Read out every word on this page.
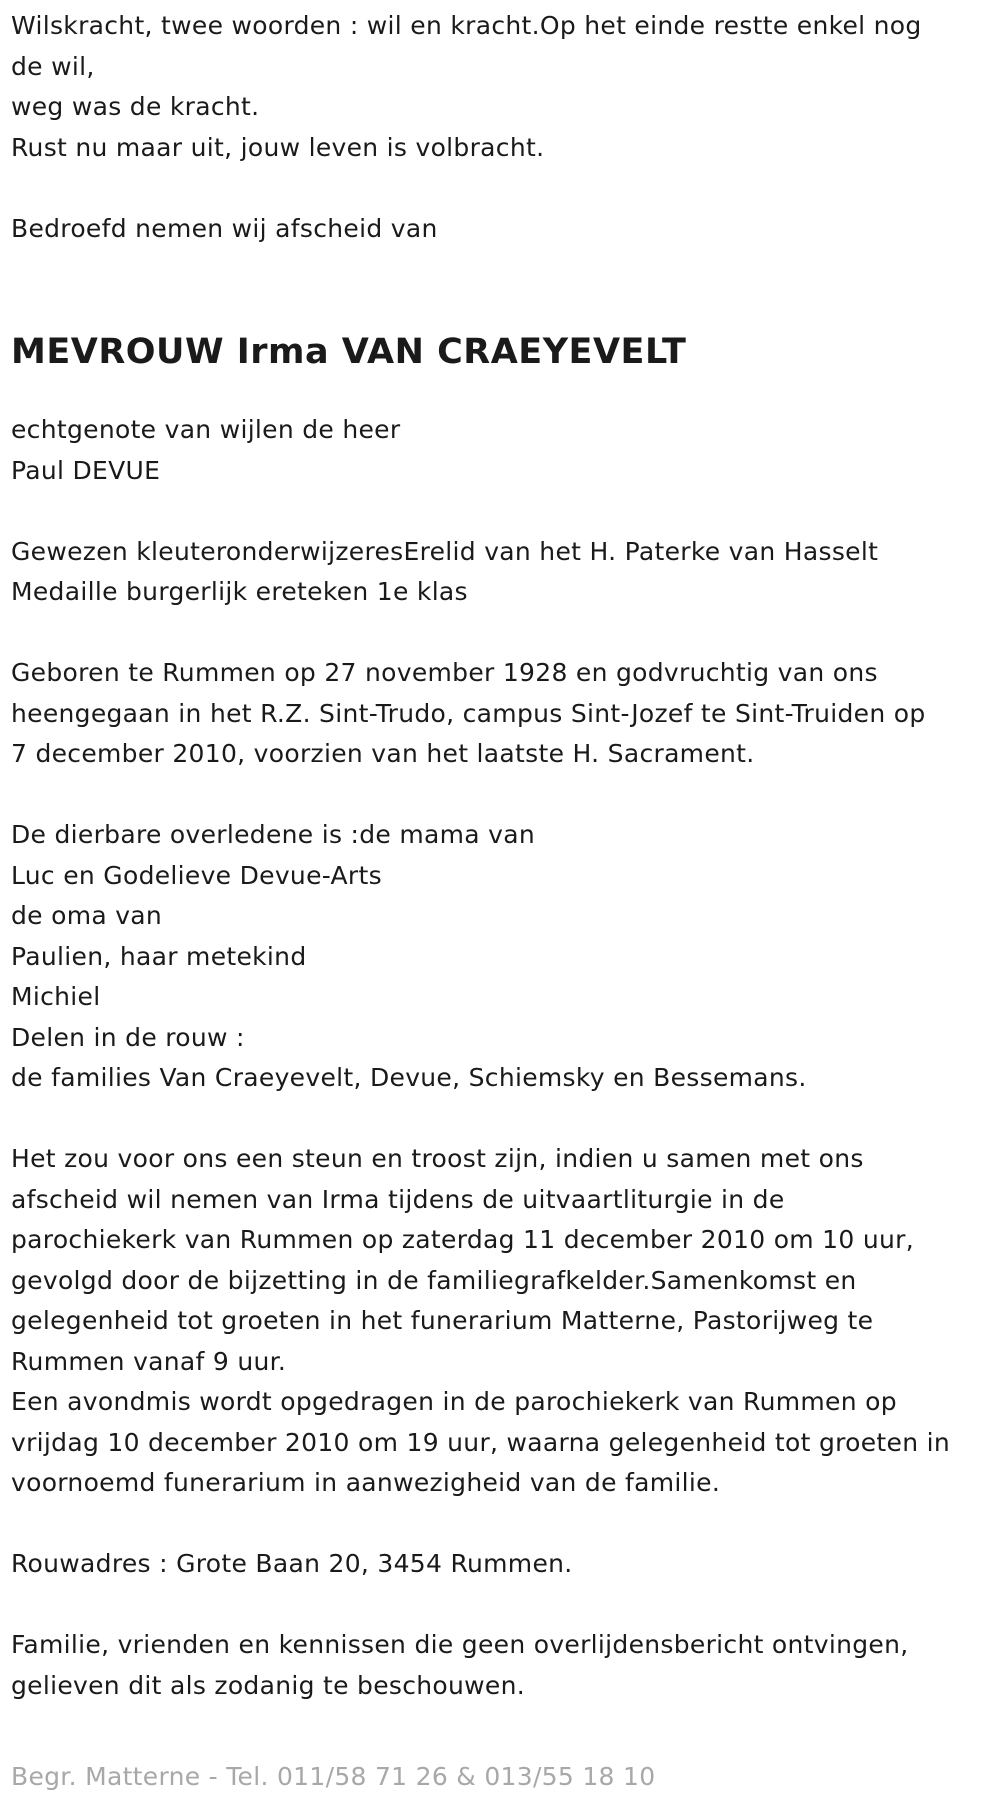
Wilskracht, twee woorden : wil en kracht.Op het einde restte enkel nog
de wil,
weg was de kracht.
Rust nu maar uit, jouw leven is volbracht.
Bedroefd nemen wij afscheid van
MEVROUW Irma VAN CRAEYEVELT
echtgenote van wijlen de heer
Paul DEVUE
Gewezen kleuteronderwijzeresErelid van het H. Paterke van Hasselt
Medaille burgerlijk ereteken 1e klas
Geboren te Rummen op 27 november 1928 en godvruchtig van ons
heengegaan in het R.Z. Sint-Trudo, campus Sint-Jozef te Sint-Truiden op
7 december 2010, voorzien van het laatste H. Sacrament.
De dierbare overledene is :de mama van
Luc en Godelieve Devue-Arts
de oma van
Paulien, haar metekind
Michiel
Delen in de rouw :
de families Van Craeyevelt, Devue, Schiemsky en Bessemans.
Het zou voor ons een steun en troost zijn, indien u samen met ons
afscheid wil nemen van Irma tijdens de uitvaartliturgie in de
parochiekerk van Rummen op zaterdag 11 december 2010 om 10 uur,
gevolgd door de bijzetting in de familiegrafkelder.Samenkomst en
gelegenheid tot groeten in het funerarium Matterne, Pastorijweg te
Rummen vanaf 9 uur.
Een avondmis wordt opgedragen in de parochiekerk van Rummen op
vrijdag 10 december 2010 om 19 uur, waarna gelegenheid tot groeten in
voornoemd funerarium in aanwezigheid van de familie.
Rouwadres : Grote Baan 20, 3454 Rummen.
Familie, vrienden en kennissen die geen overlijdensbericht ontvingen,
gelieven dit als zodanig te beschouwen.
Begr. Matterne - Tel. 011/58 71 26 & 013/55 18 10
